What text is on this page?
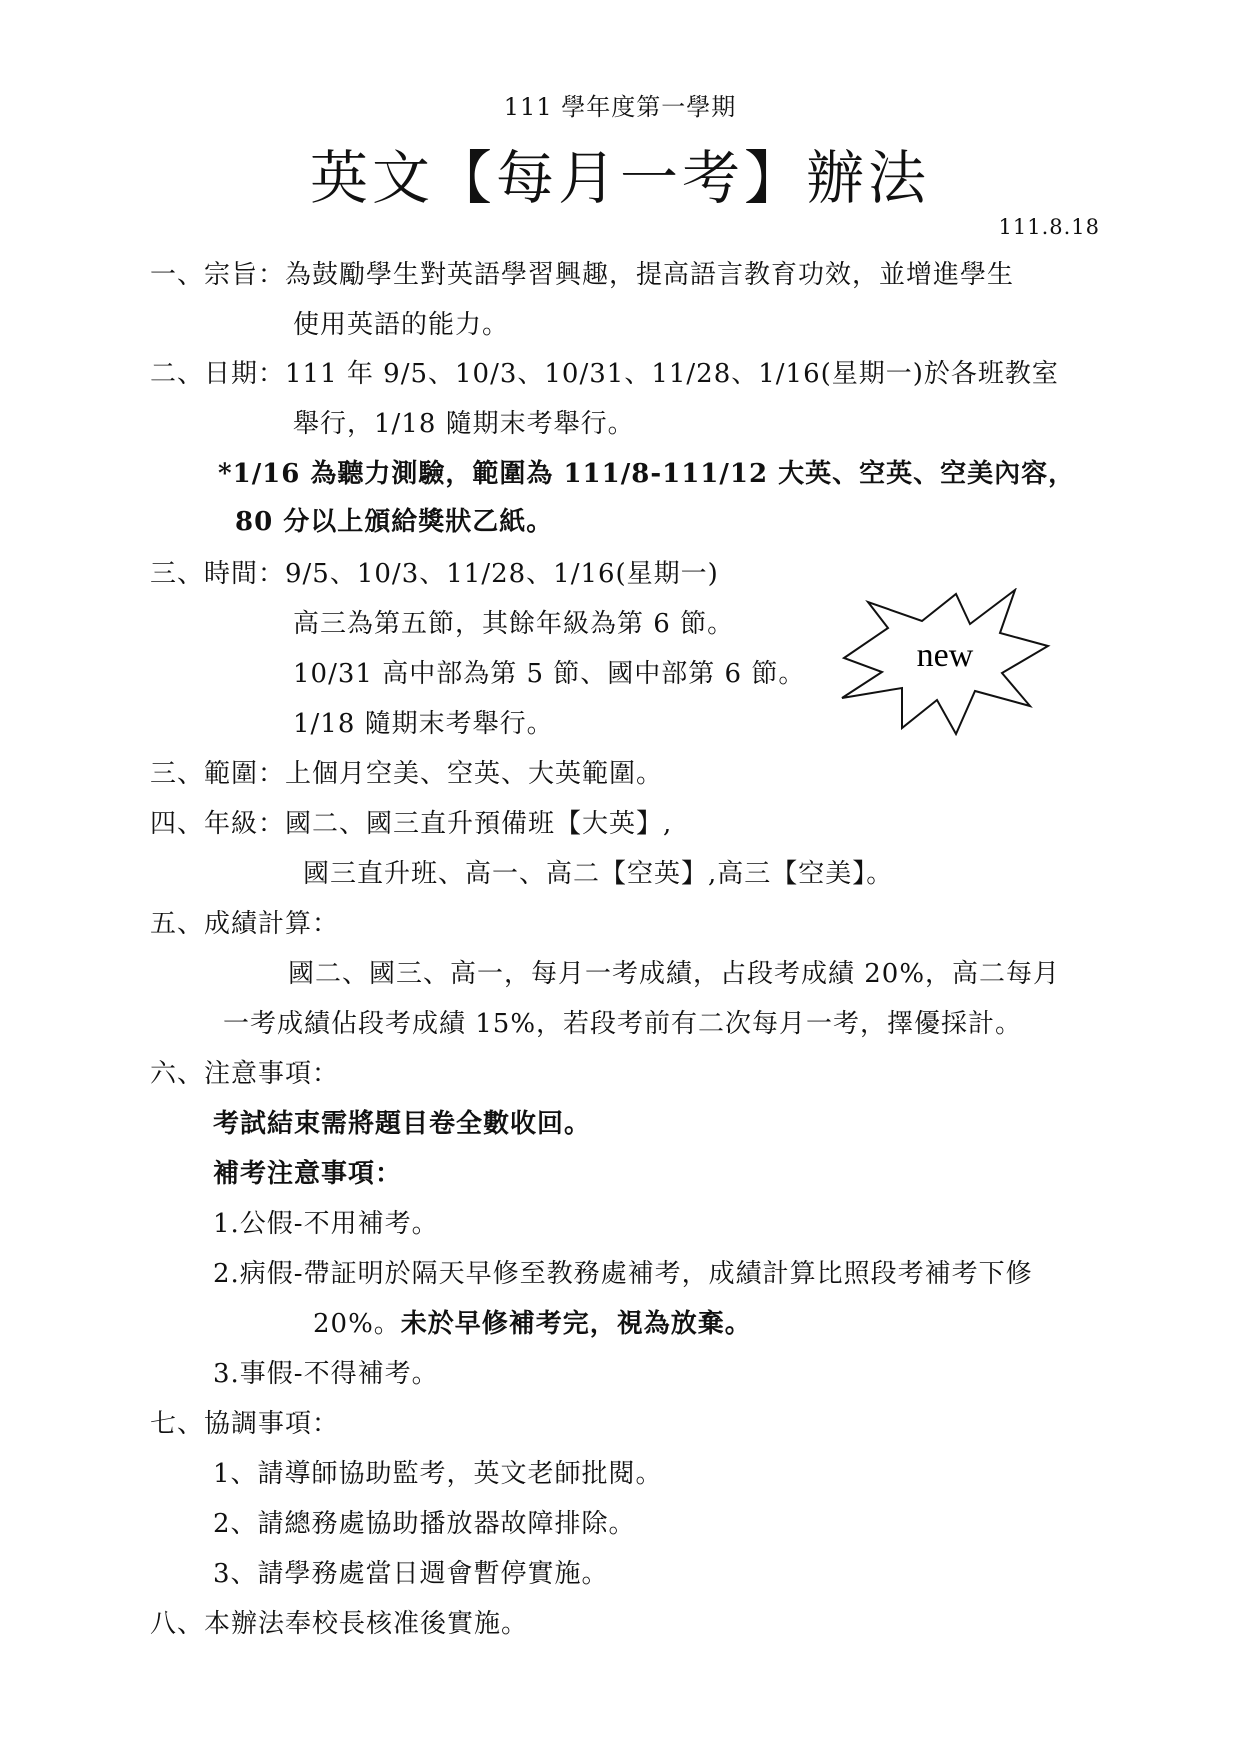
111 學年度第一學期
英文【每月一考】辦法
111.8.18
一、宗旨：為鼓勵學生對英語學習興趣，提高語言教育功效，並增進學生
使用英語的能力。
二、日期：111 年 9/5、10/3、10/31、11/28、1/16(星期一)於各班教室
舉行，1/18 隨期末考舉行。
*1/16 為聽力測驗，範圍為 111/8-111/12 大英、空英、空美內容，
80 分以上頒給獎狀乙紙。
三、時間：9/5、10/3、11/28、1/16(星期一)
高三為第五節，其餘年級為第 6 節。
10/31 高中部為第 5 節、國中部第 6 節。
1/18 隨期末考舉行。
new
三、範圍：上個月空美、空英、大英範圍。
四、年級：國二、國三直升預備班【大英】,
國三直升班、高一、高二【空英】,高三【空美】。
五、成績計算：
國二、國三、高一，每月一考成績，占段考成績 20%，高二每月
一考成績佔段考成績 15%，若段考前有二次每月一考，擇優採計。
六、注意事項：
考試結束需將題目卷全數收回。
補考注意事項：
1.公假-不用補考。
2.病假-帶証明於隔天早修至教務處補考，成績計算比照段考補考下修
20%。未於早修補考完，視為放棄。
3.事假-不得補考。
七、協調事項：
1、請導師協助監考，英文老師批閱。
2、請總務處協助播放器故障排除。
3、請學務處當日週會暫停實施。
八、本辦法奉校長核准後實施。
